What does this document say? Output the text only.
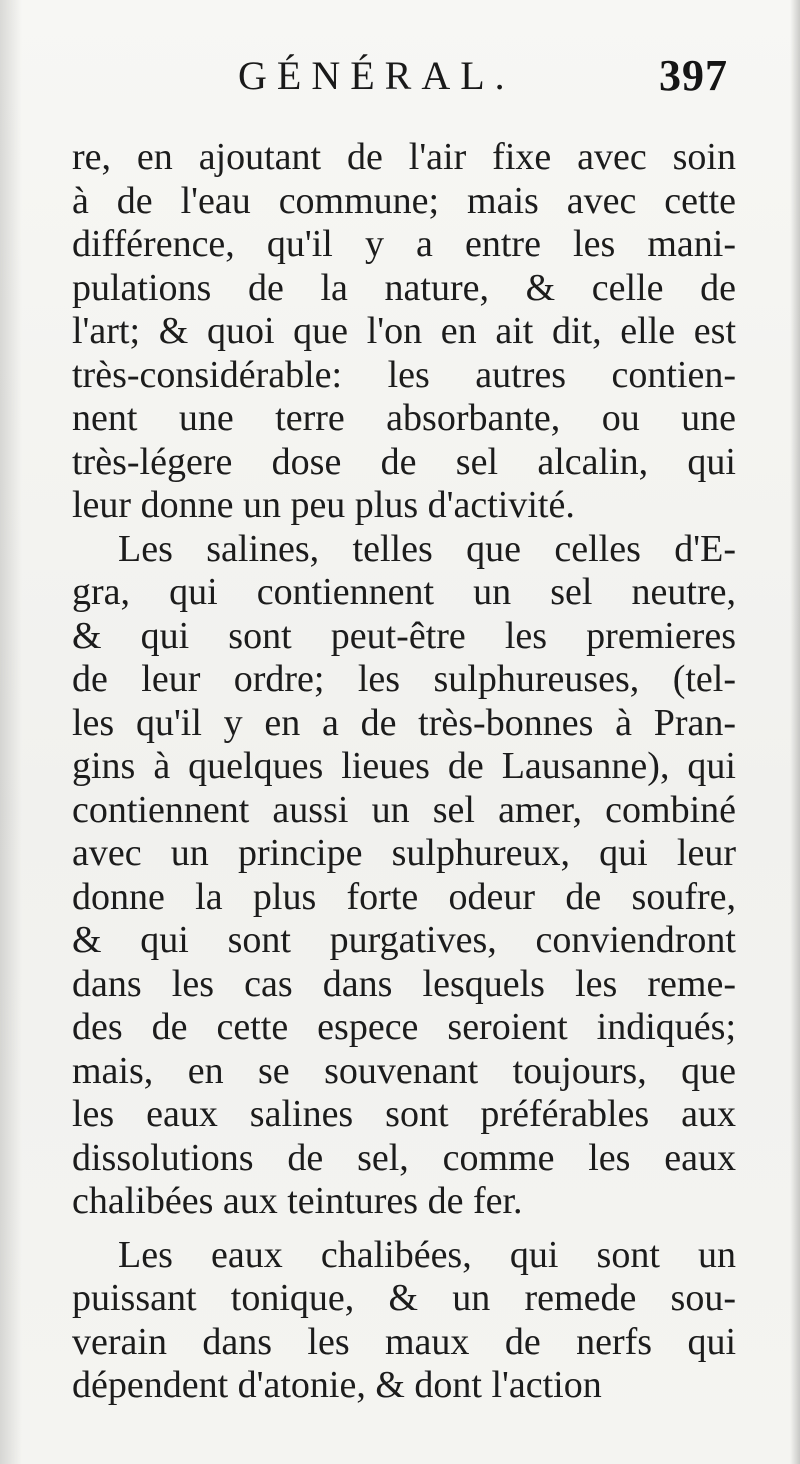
GÉNÉRAL.	397
re, en ajoutant de l'air fixe avec soin
à de l'eau commune; mais avec cette
différence, qu'il y a entre les mani-
pulations de la nature, & celle de
l'art; & quoi que l'on en ait dit, elle est
très-considérable: les autres contien-
nent une terre absorbante, ou une
très-légere dose de sel alcalin, qui
leur donne un peu plus d'activité.
Les salines, telles que celles d'E-
gra, qui contiennent un sel neutre,
& qui sont peut-être les premieres
de leur ordre; les sulphureuses, (tel-
les qu'il y en a de très-bonnes à Pran-
gins à quelques lieues de Lausanne), qui
contiennent aussi un sel amer, combiné
avec un principe sulphureux, qui leur
donne la plus forte odeur de soufre,
& qui sont purgatives, conviendront
dans les cas dans lesquels les reme-
des de cette espece seroient indiqués;
mais, en se souvenant toujours, que
les eaux salines sont préférables aux
dissolutions de sel, comme les eaux
chalibées aux teintures de fer.
Les eaux chalibées, qui sont un
puissant tonique, & un remede sou-
verain dans les maux de nerfs qui
dépendent d'atonie, & dont l'action
